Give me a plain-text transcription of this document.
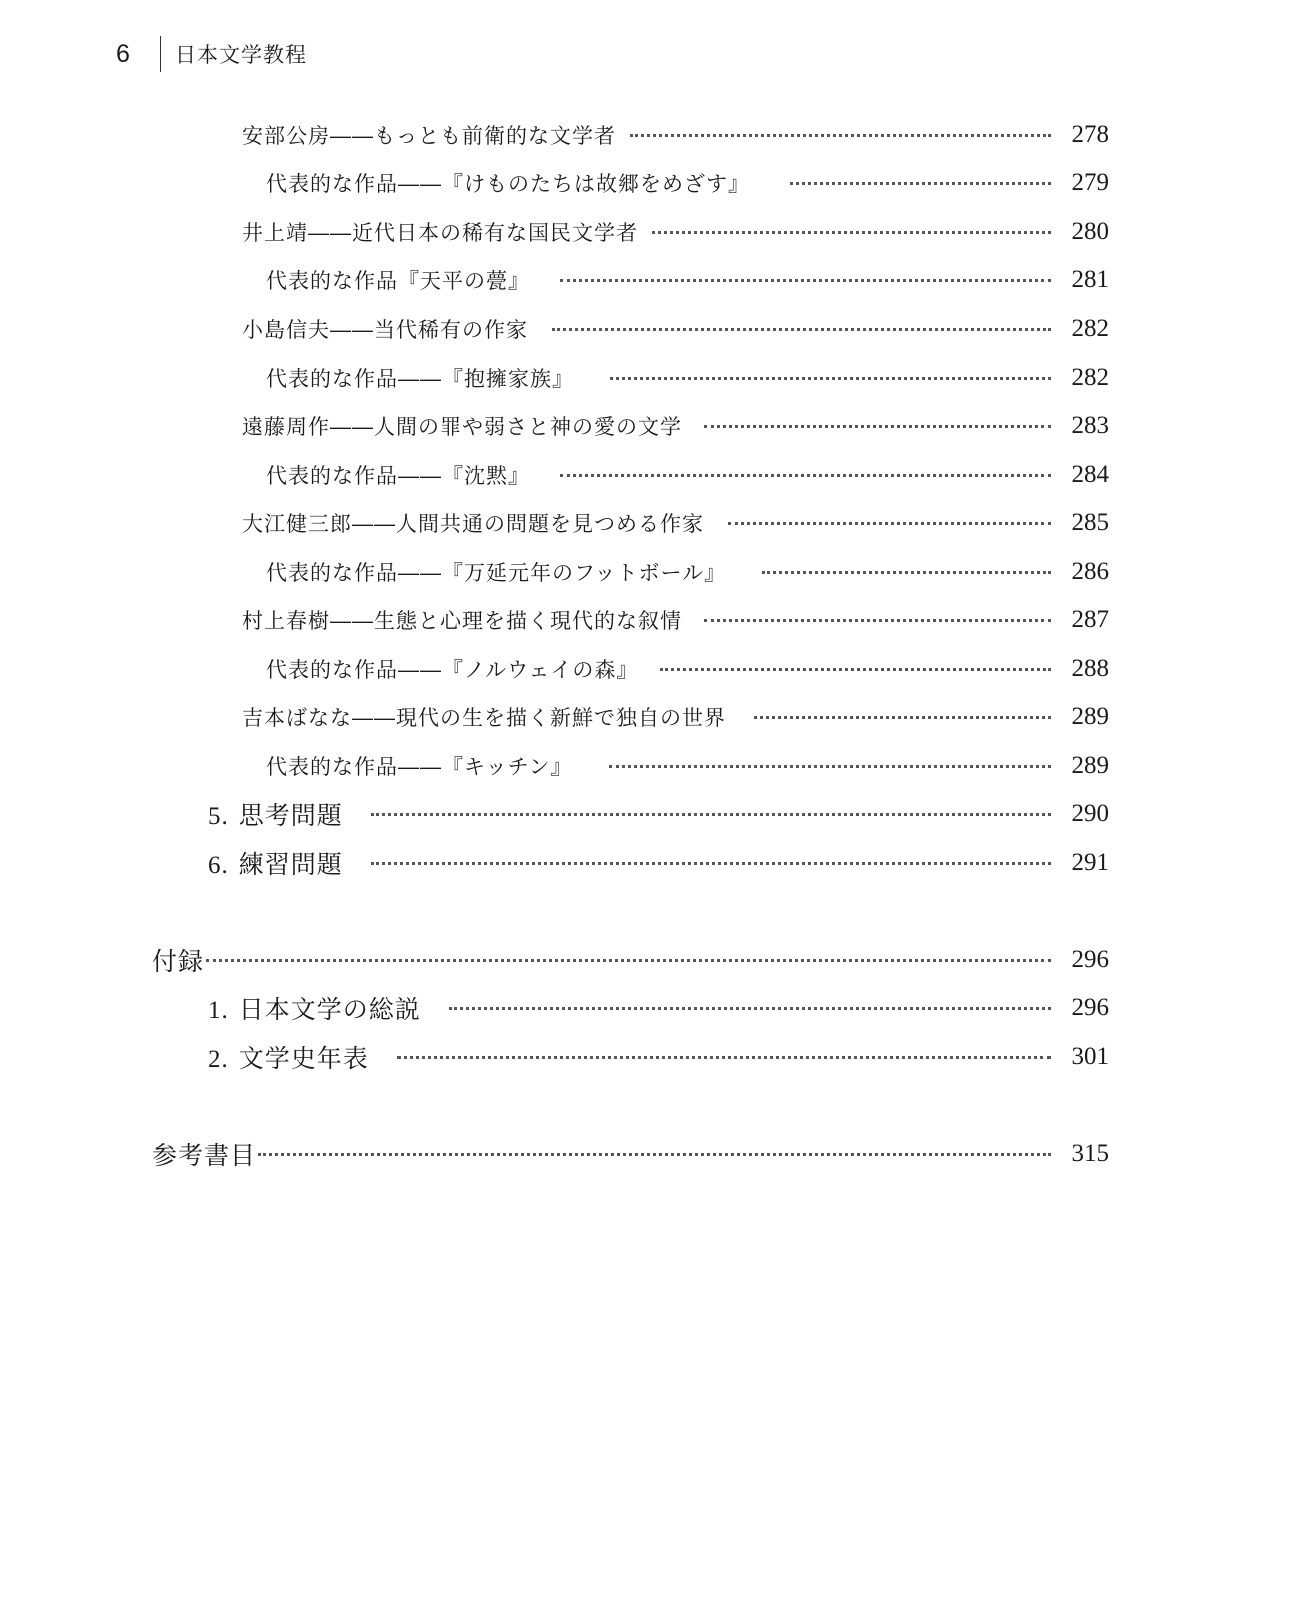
6	日本文学教程
安部公房――もっとも前衛的な文学者	278
代表的な作品――『けものたちは故郷をめざす』	279
井上靖――近代日本の稀有な国民文学者	280
代表的な作品『天平の甍』	281
小島信夫――当代稀有の作家	282
代表的な作品――『抱擁家族』	282
遠藤周作――人間の罪や弱さと神の愛の文学	283
代表的な作品――『沈黙』	284
大江健三郎――人間共通の問題を見つめる作家	285
代表的な作品――『万延元年のフットボール』	286
村上春樹――生態と心理を描く現代的な叙情	287
代表的な作品――『ノルウェイの森』	288
吉本ばなな――現代の生を描く新鮮で独自の世界	289
代表的な作品――『キッチン』	289
5. 思考問題	290
6. 練習問題	291
付録	296
1. 日本文学の総説	296
2. 文学史年表	301
参考書目	315
